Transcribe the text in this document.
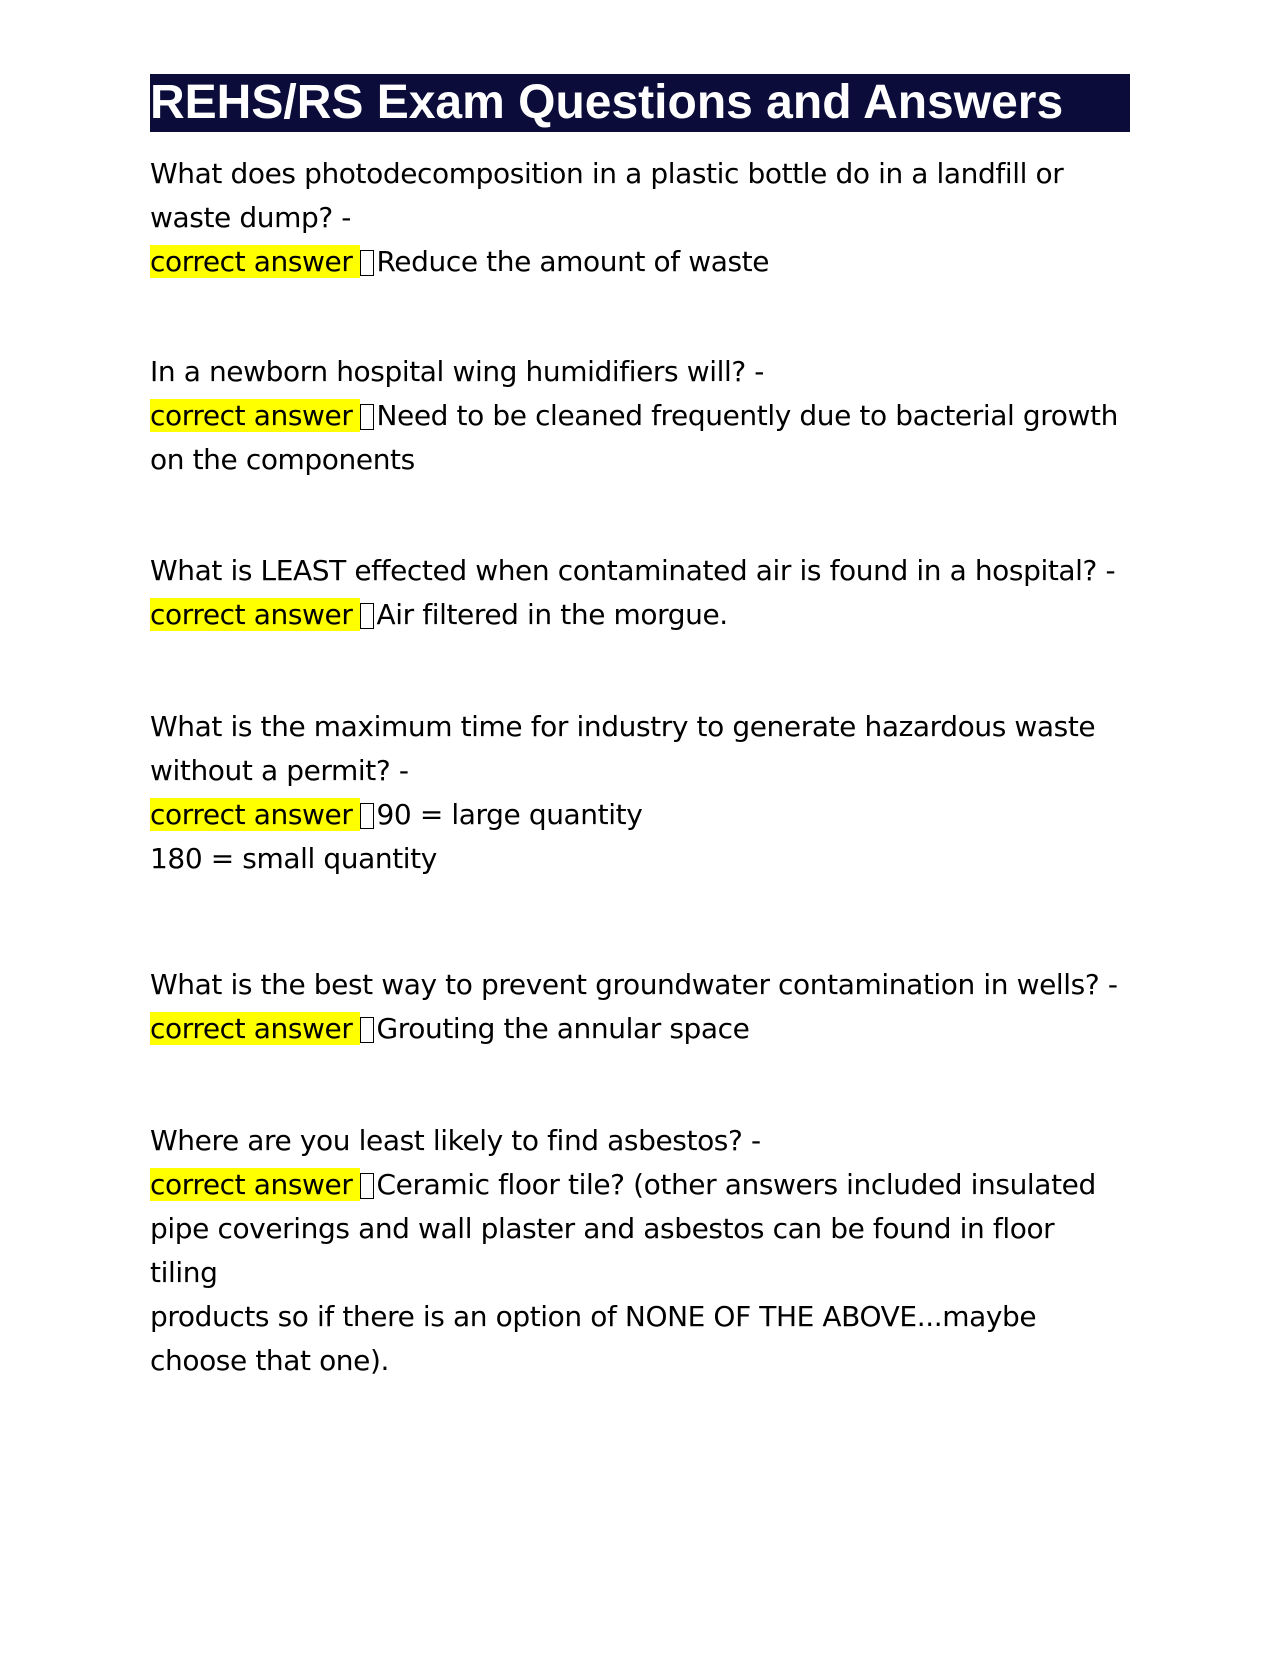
REHS/RS Exam Questions and Answers

What does photodecomposition in a plastic bottle do in a landfill or

waste dump? -

correct answer Reduce the amount of waste

In a newborn hospital wing humidifiers will? -

correct answer Need to be cleaned frequently due to bacterial growth

on the components

What is LEAST effected when contaminated air is found in a hospital? -

correct answer Air filtered in the morgue.

What is the maximum time for industry to generate hazardous waste

without a permit? -

correct answer 90 = large quantity

180 = small quantity

What is the best way to prevent groundwater contamination in wells? -

correct answer Grouting the annular space

Where are you least likely to find asbestos? -

correct answer Ceramic floor tile? (other answers included insulated

pipe coverings and wall plaster and asbestos can be found in floor tiling

products so if there is an option of NONE OF THE ABOVE...maybe

choose that one).
